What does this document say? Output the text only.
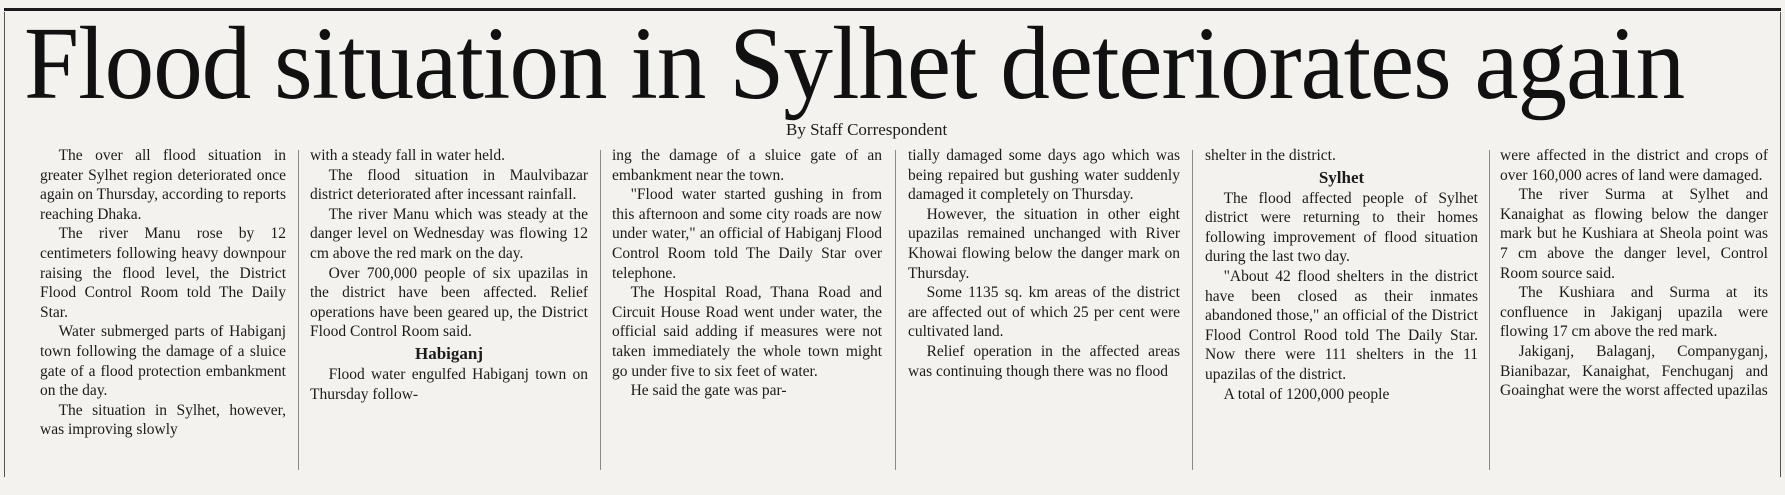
Flood situation in Sylhet deteriorates again
By Staff Correspondent

The over all flood situation in greater Sylhet region deteriorated once again on Thursday, according to reports reaching Dhaka.

The river Manu rose by 12 centimeters following heavy downpour raising the flood level, the District Flood Control Room told The Daily Star.

Water submerged parts of Habiganj town following the damage of a sluice gate of a flood protection embankment on the day.

The situation in Sylhet, however, was improving slowly

with a steady fall in water held.

The flood situation in Maulvibazar district deteriorated after incessant rainfall.

The river Manu which was steady at the danger level on Wednesday was flowing 12 cm above the red mark on the day.

Over 700,000 people of six upazilas in the district have been affected. Relief operations have been geared up, the District Flood Control Room said.

Habiganj

Flood water engulfed Habiganj town on Thursday follow-

ing the damage of a sluice gate of an embankment near the town.

"Flood water started gushing in from this afternoon and some city roads are now under water," an official of Habiganj Flood Control Room told The Daily Star over telephone.

The Hospital Road, Thana Road and Circuit House Road went under water, the official said adding if measures were not taken immediately the whole town might go under five to six feet of water.

He said the gate was par-

tially damaged some days ago which was being repaired but gushing water suddenly damaged it completely on Thursday.

However, the situation in other eight upazilas remained unchanged with River Khowai flowing below the danger mark on Thursday.

Some 1135 sq. km areas of the district are affected out of which 25 per cent were cultivated land.

Relief operation in the affected areas was continuing though there was no flood

shelter in the district.

Sylhet

The flood affected people of Sylhet district were returning to their homes following improvement of flood situation during the last two day.

"About 42 flood shelters in the district have been closed as their inmates abandoned those," an official of the District Flood Control Rood told The Daily Star. Now there were 111 shelters in the 11 upazilas of the district.

A total of 1200,000 people

were affected in the district and crops of over 160,000 acres of land were damaged.

The river Surma at Sylhet and Kanaighat as flowing below the danger mark but he Kushiara at Sheola point was 7 cm above the danger level, Control Room source said.

The Kushiara and Surma at its confluence in Jakiganj upazila were flowing 17 cm above the red mark.

Jakiganj, Balaganj, Companyganj, Bianibazar, Kanaighat, Fenchuganj and Goainghat were the worst affected upazilas
